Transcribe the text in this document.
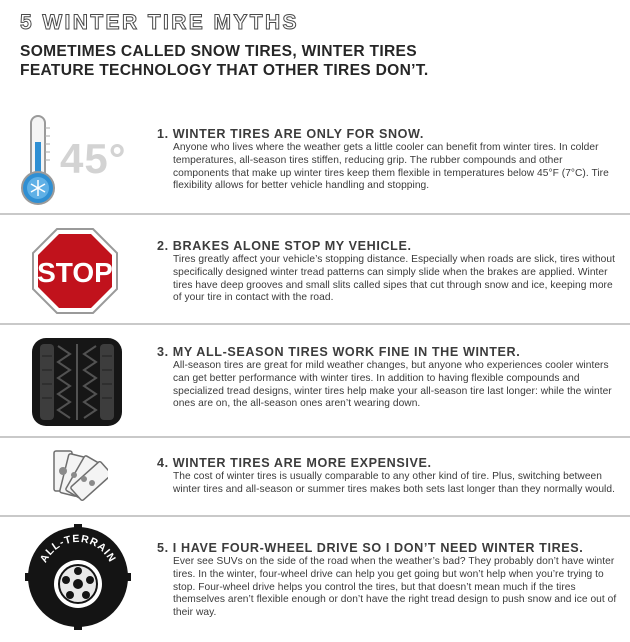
5 WINTER TIRE MYTHS
SOMETIMES CALLED SNOW TIRES, WINTER TIRES
FEATURE TECHNOLOGY THAT OTHER TIRES DON’T.
45°
1. WINTER TIRES ARE ONLY FOR SNOW.
Anyone who lives where the weather gets a little cooler can benefit from winter tires. In colder temperatures, all-season tires stiffen, reducing grip. The rubber compounds and other components that make up winter tires keep them flexible in temperatures below 45°F (7°C). Tire flexibility allows for better vehicle handling and stopping.
STOP
2. BRAKES ALONE STOP MY VEHICLE.
Tires greatly affect your vehicle’s stopping distance. Especially when roads are slick, tires without specifically designed winter tread patterns can simply slide when the brakes are applied. Winter tires have deep grooves and small slits called sipes that cut through snow and ice, keeping more of your tire in contact with the road.
3. MY ALL-SEASON TIRES WORK FINE IN THE WINTER.
All-season tires are great for mild weather changes, but anyone who experiences cooler winters can get better performance with winter tires. In addition to having flexible compounds and specialized tread designs, winter tires help make your all-season tire last longer: while the winter ones are on, the all-season ones aren’t wearing down.
4. WINTER TIRES ARE MORE EXPENSIVE.
The cost of winter tires is usually comparable to any other kind of tire. Plus, switching between winter tires and all-season or summer tires makes both sets last longer than they normally would.
ALL-TERRAIN
5. I HAVE FOUR-WHEEL DRIVE SO I DON’T NEED WINTER TIRES.
Ever see SUVs on the side of the road when the weather’s bad? They probably don’t have winter tires. In the winter, four-wheel drive can help you get going but won’t help when you’re trying to stop. Four-wheel drive helps you control the tires, but that doesn’t mean much if the tires themselves aren’t flexible enough or don’t have the right tread design to push snow and ice out of their way.
